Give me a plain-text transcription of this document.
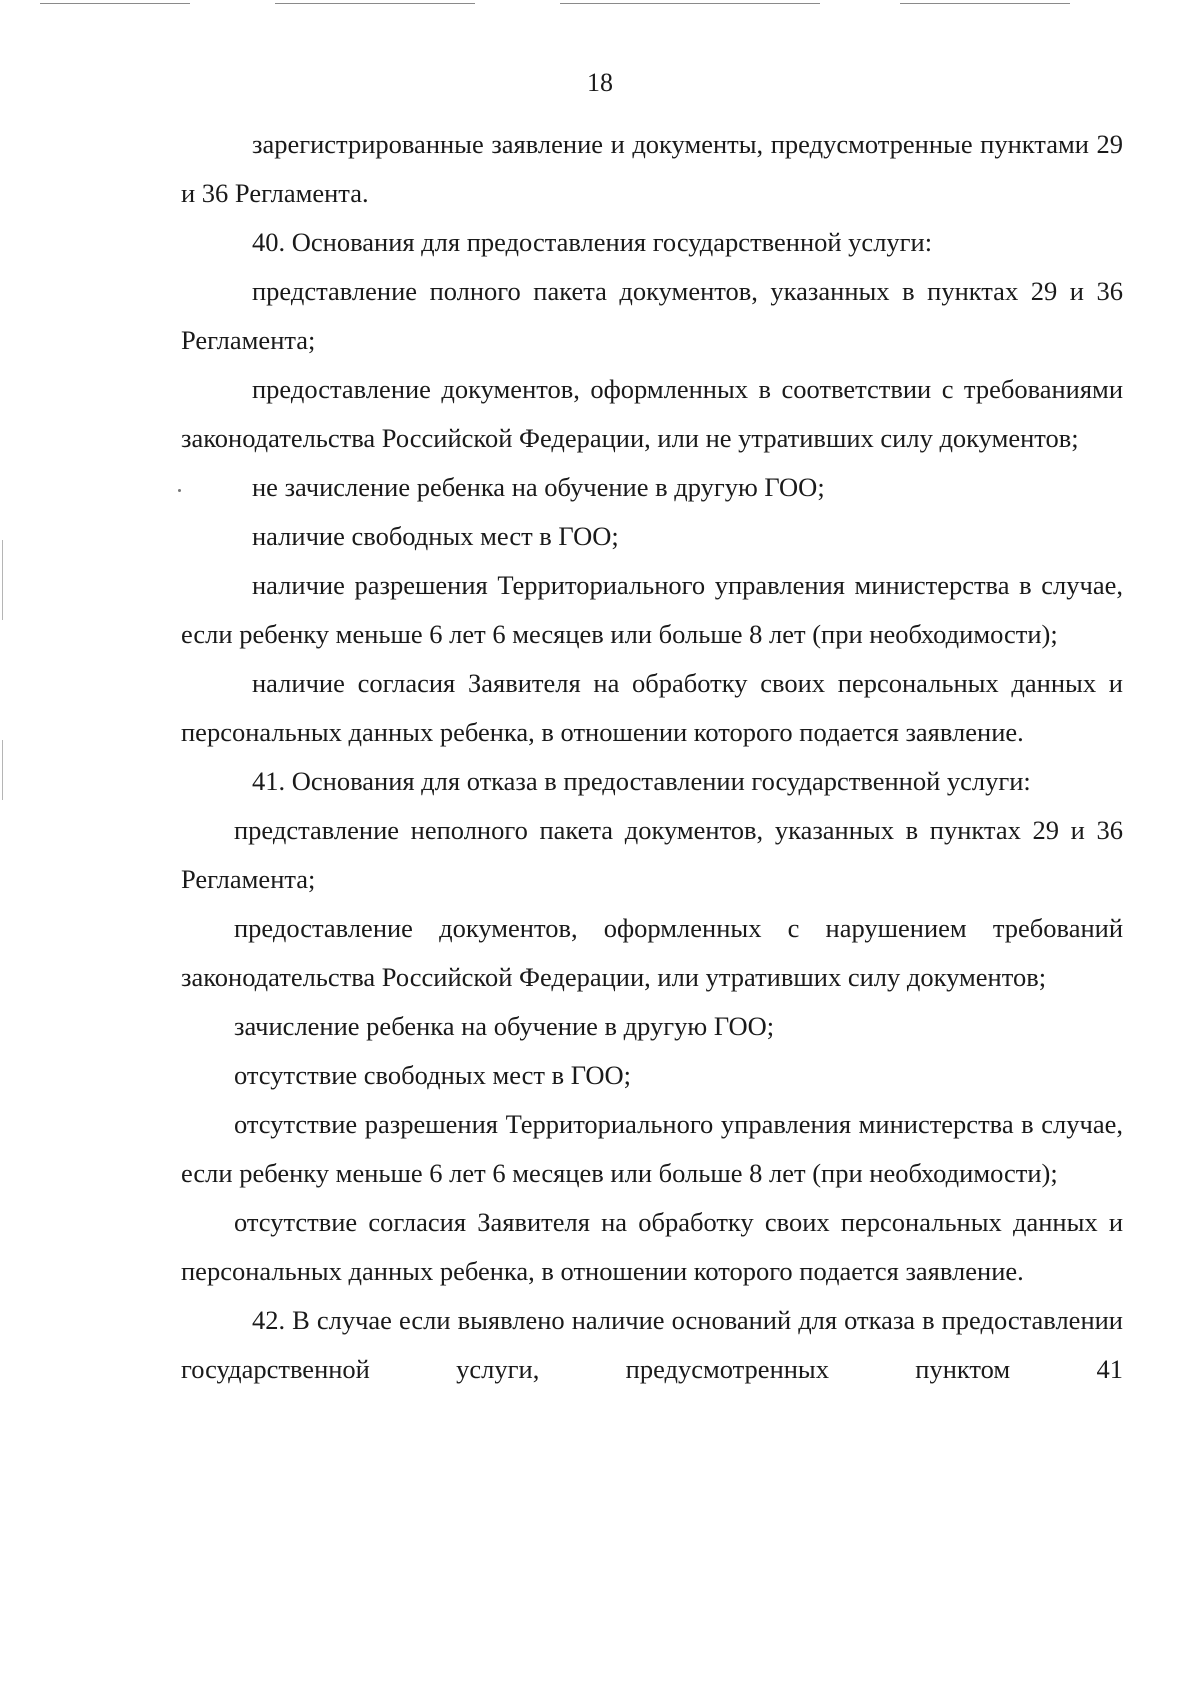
18

зарегистрированные заявление и документы, предусмотренные пунктами 29 и 36 Регламента.

40. Основания для предоставления государственной услуги:

представление полного пакета документов, указанных в пунктах 29 и 36 Регламента;

предоставление документов, оформленных в соответствии с требованиями законодательства Российской Федерации, или не утративших силу документов;

не зачисление ребенка на обучение в другую ГОО;

наличие свободных мест в ГОО;

наличие разрешения Территориального управления министерства в случае, если ребенку меньше 6 лет 6 месяцев или больше 8 лет (при необходимости);

наличие согласия Заявителя на обработку своих персональных данных и персональных данных ребенка, в отношении которого подается заявление.

41. Основания для отказа в предоставлении государственной услуги:

представление неполного пакета документов, указанных в пунктах 29 и 36 Регламента;

предоставление документов, оформленных с нарушением требований законодательства Российской Федерации, или утративших силу документов;

зачисление ребенка на обучение в другую ГОО;

отсутствие свободных мест в ГОО;

отсутствие разрешения Территориального управления министерства в случае, если ребенку меньше 6 лет 6 месяцев или больше 8 лет (при необходимости);

отсутствие согласия Заявителя на обработку своих персональных данных и персональных данных ребенка, в отношении которого подается заявление.

42. В случае если выявлено наличие оснований для отказа в предоставлении государственной услуги, предусмотренных пунктом 41
